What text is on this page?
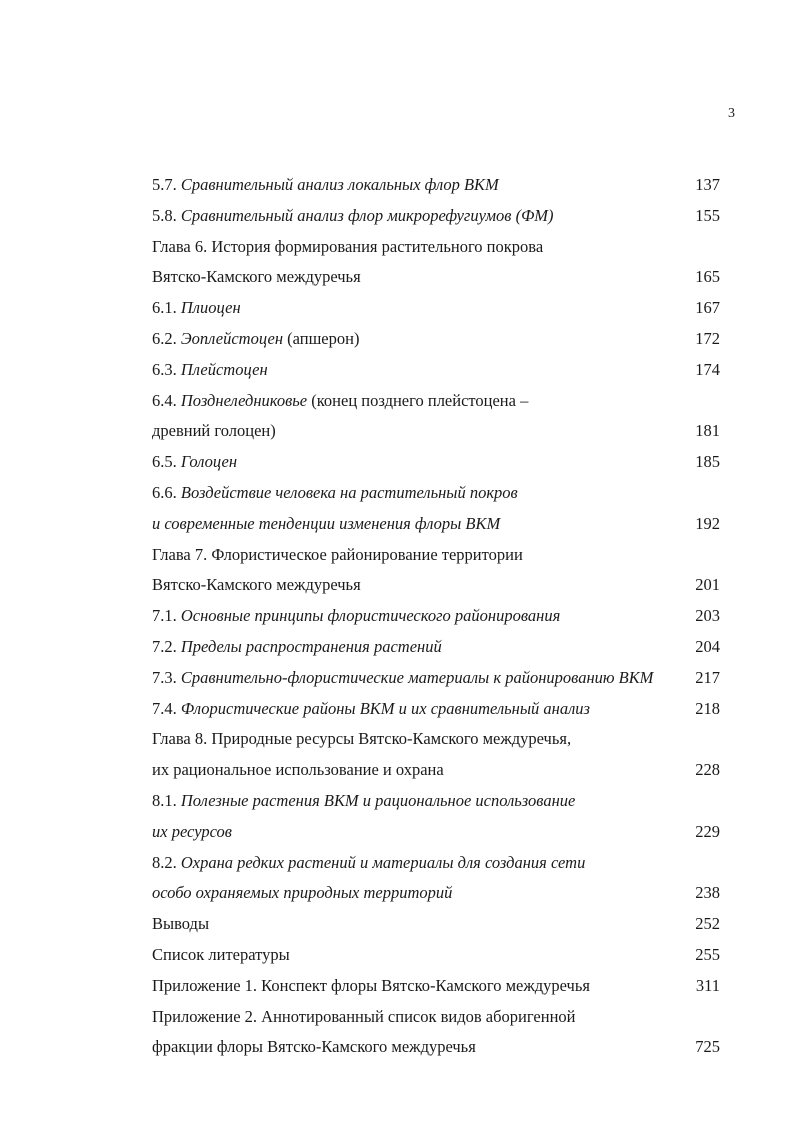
3
5.7. Сравнительный анализ локальных флор ВКМ	137
5.8. Сравнительный анализ флор микрорефугиумов (ФМ)	155
Глава 6. История формирования растительного покрова
Вятско-Камского междуречья	165
6.1. Плиоцен	167
6.2. Эоплейстоцен (апшерон)	172
6.3. Плейстоцен	174
6.4. Позднеледниковье (конец позднего плейстоцена –
древний голоцен)	181
6.5. Голоцен	185
6.6. Воздействие человека на растительный покров
и современные тенденции изменения флоры ВКМ	192
Глава 7. Флористическое районирование территории
Вятско-Камского междуречья	201
7.1. Основные принципы флористического районирования	203
7.2. Пределы распространения растений	204
7.3. Сравнительно-флористические материалы к районированию ВКМ	217
7.4. Флористические районы ВКМ и их сравнительный анализ	218
Глава 8. Природные ресурсы Вятско-Камского междуречья,
их рациональное использование и охрана	228
8.1. Полезные растения ВКМ и рациональное использование
их ресурсов	229
8.2. Охрана редких растений и материалы для создания сети
особо охраняемых природных территорий	238
Выводы	252
Список литературы	255
Приложение 1. Конспект флоры Вятско-Камского междуречья	311
Приложение 2. Аннотированный список видов аборигенной
фракции флоры Вятско-Камского междуречья	725
